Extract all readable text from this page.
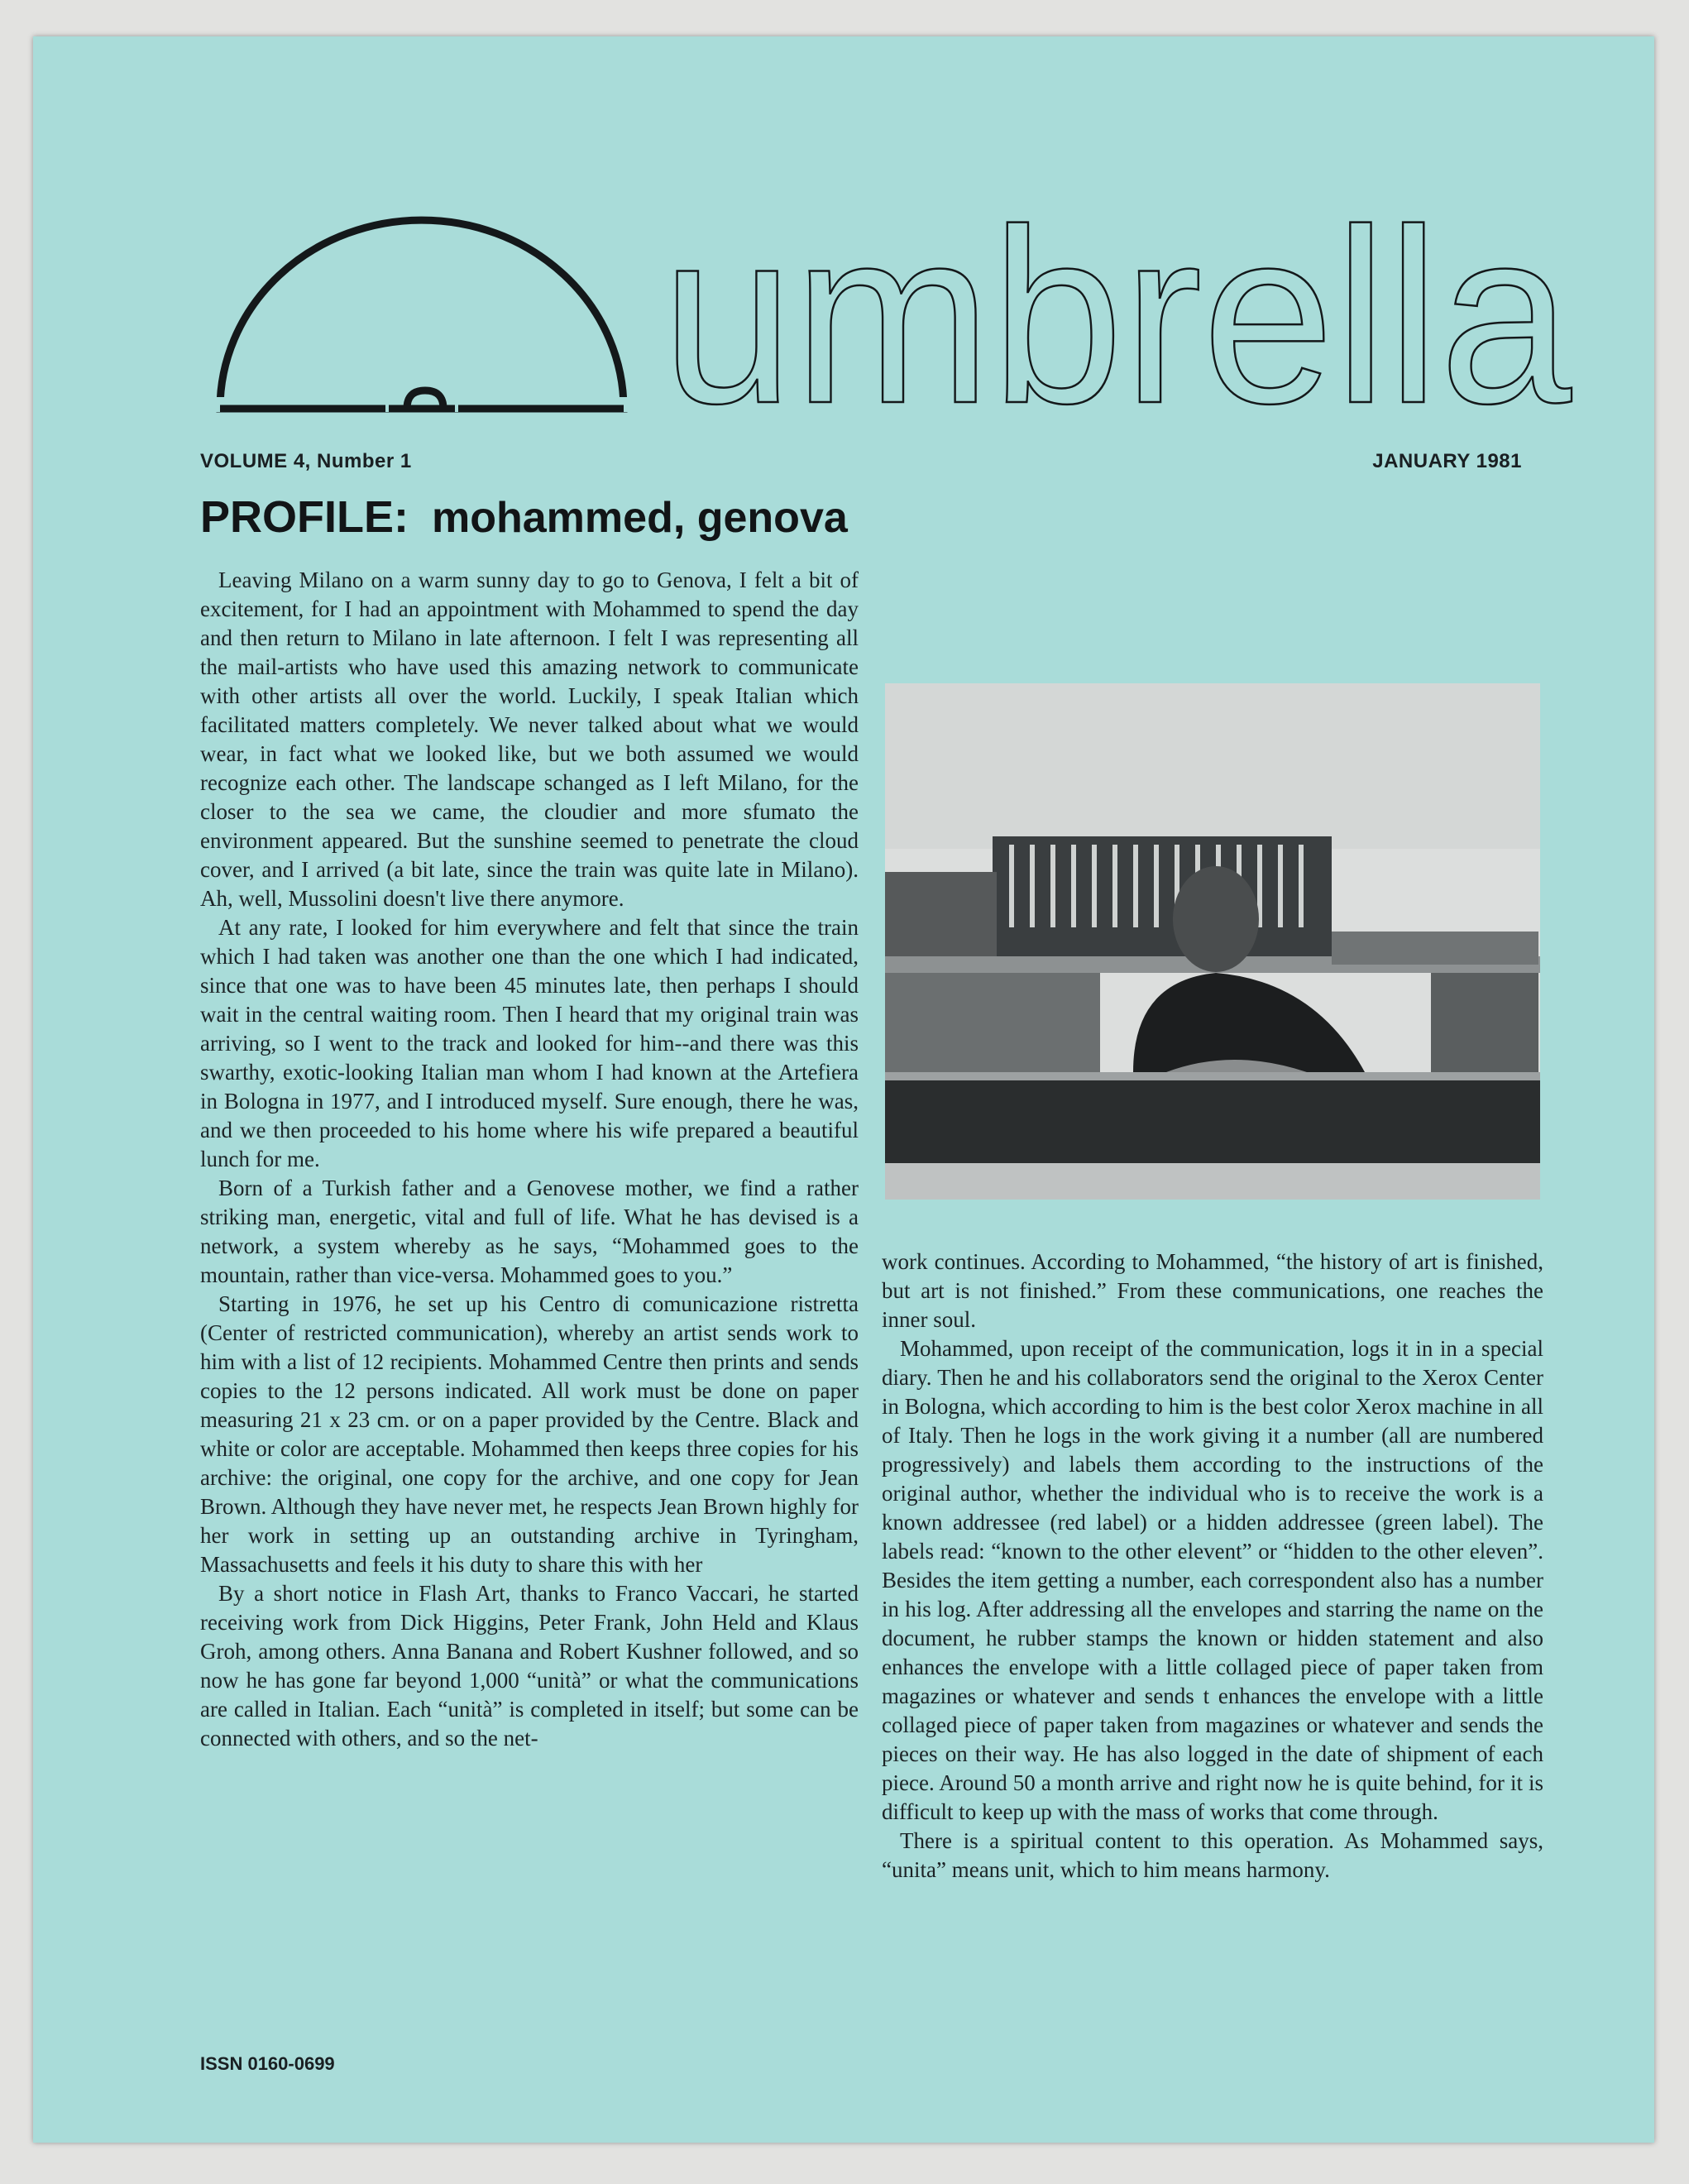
umbrella
VOLUME 4, Number 1	JANUARY 1981
PROFILE: mohammed, genova

Leaving Milano on a warm sunny day to go to Genova, I felt a bit of excitement, for I had an appointment with Mohammed to spend the day and then return to Milano in late afternoon. I felt I was representing all the mail-artists who have used this amazing network to communicate with other artists all over the world. Luckily, I speak Italian which facilitated matters completely. We never talked about what we would wear, in fact what we looked like, but we both assumed we would recognize each other. The landscape schanged as I left Milano, for the closer to the sea we came, the cloudier and more sfumato the environment appeared. But the sunshine seemed to penetrate the cloud cover, and I arrived (a bit late, since the train was quite late in Milano). Ah, well, Mussolini doesn't live there anymore.

At any rate, I looked for him everywhere and felt that since the train which I had taken was another one than the one which I had indicated, since that one was to have been 45 minutes late, then perhaps I should wait in the central waiting room. Then I heard that my original train was arriving, so I went to the track and looked for him--and there was this swarthy, exotic-looking Italian man whom I had known at the Artefiera in Bologna in 1977, and I introduced myself. Sure enough, there he was, and we then proceeded to his home where his wife prepared a beautiful lunch for me.

Born of a Turkish father and a Genovese mother, we find a rather striking man, energetic, vital and full of life. What he has devised is a network, a system whereby as he says, “Mohammed goes to the mountain, rather than vice-versa. Mohammed goes to you.”

Starting in 1976, he set up his Centro di comunicazione ristretta (Center of restricted communication), whereby an artist sends work to him with a list of 12 recipients. Mohammed Centre then prints and sends copies to the 12 persons indicated. All work must be done on paper measuring 21 x 23 cm. or on a paper provided by the Centre. Black and white or color are acceptable. Mohammed then keeps three copies for his archive: the original, one copy for the archive, and one copy for Jean Brown. Although they have never met, he respects Jean Brown highly for her work in setting up an outstanding archive in Tyringham, Massachusetts and feels it his duty to share this with her

By a short notice in Flash Art, thanks to Franco Vaccari, he started receiving work from Dick Higgins, Peter Frank, John Held and Klaus Groh, among others. Anna Banana and Robert Kushner followed, and so now he has gone far beyond 1,000 “unità” or what the communications are called in Italian. Each “unità” is completed in itself; but some can be connected with others, and so the net-

work continues. According to Mohammed, “the history of art is finished, but art is not finished.” From these communications, one reaches the inner soul.

Mohammed, upon receipt of the communication, logs it in in a special diary. Then he and his collaborators send the original to the Xerox Center in Bologna, which according to him is the best color Xerox machine in all of Italy. Then he logs in the work giving it a number (all are numbered progressively) and labels them according to the instructions of the original author, whether the individual who is to receive the work is a known addressee (red label) or a hidden addressee (green label). The labels read: “known to the other elevent” or “hidden to the other eleven”. Besides the item getting a number, each correspondent also has a number in his log. After addressing all the envelopes and starring the name on the document, he rubber stamps the known or hidden statement and also enhances the envelope with a little collaged piece of paper taken from magazines or whatever and sends t enhances the envelope with a little collaged piece of paper taken from magazines or whatever and sends the pieces on their way. He has also logged in the date of shipment of each piece. Around 50 a month arrive and right now he is quite behind, for it is difficult to keep up with the mass of works that come through.

There is a spiritual content to this operation. As Mohammed says, “unita” means unit, which to him means harmony.

ISSN 0160-0699
